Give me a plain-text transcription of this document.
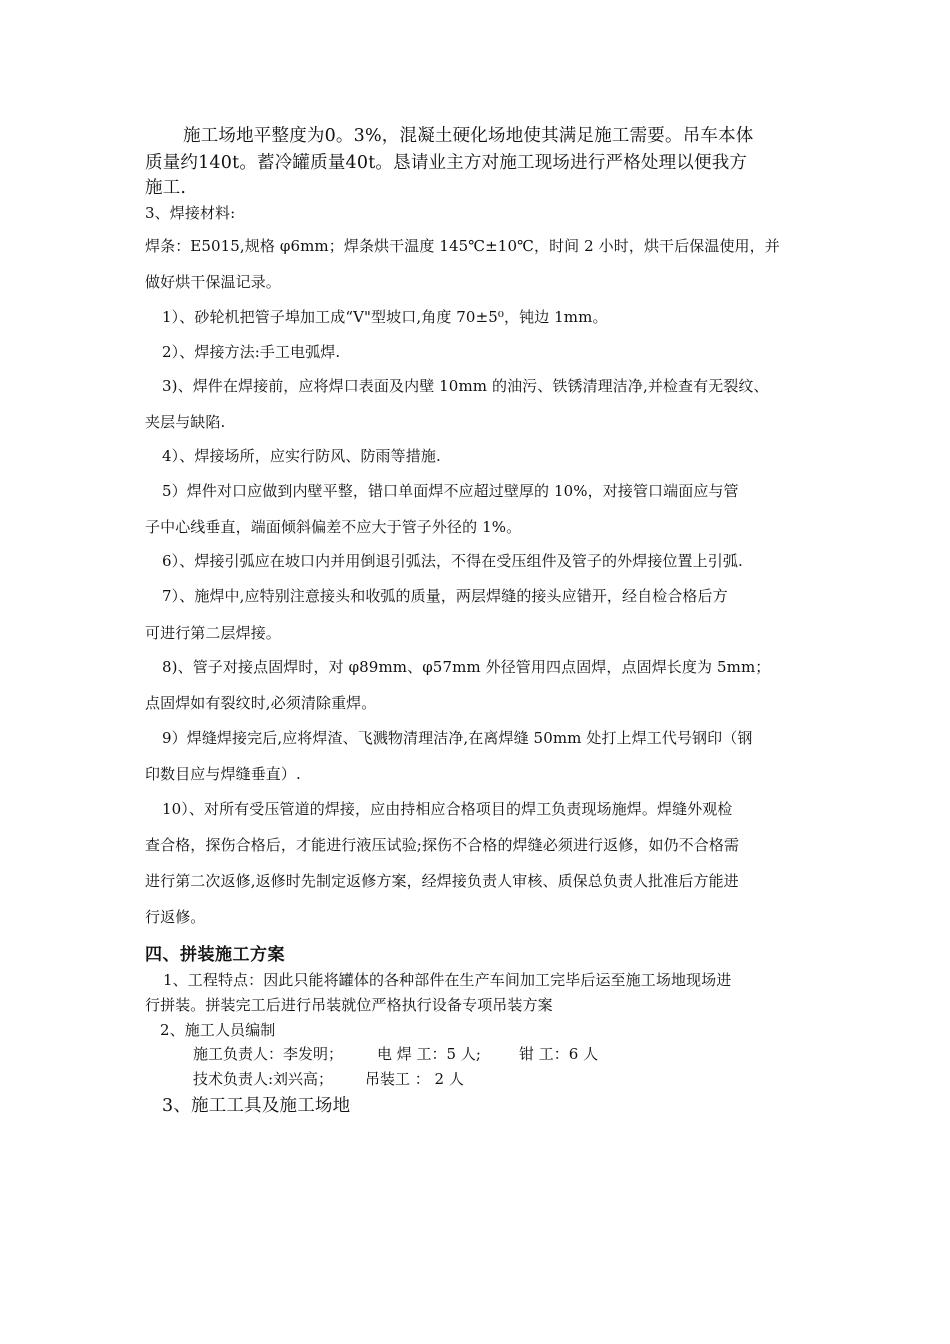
施工场地平整度为0。3%，混凝土硬化场地使其满足施工需要。吊车本体
质量约140t。蓄冷罐质量40t。恳请业主方对施工现场进行严格处理以便我方
施工.
3、焊接材料:
焊条：E5015,规格 φ6mm；焊条烘干温度 145℃±10℃，时间 2 小时，烘干后保温使用，并
做好烘干保温记录。
1）、砂轮机把管子埠加工成“V"型坡口,角度 70±5⁰，钝边 1mm。
2）、焊接方法:手工电弧焊.
3)、焊件在焊接前，应将焊口表面及内壁 10mm 的油污、铁锈清理洁净,并检查有无裂纹、
夹层与缺陷.
4）、焊接场所，应实行防风、防雨等措施.
5）焊件对口应做到内壁平整，错口单面焊不应超过壁厚的 10%，对接管口端面应与管
子中心线垂直，端面倾斜偏差不应大于管子外径的 1%。
6）、焊接引弧应在坡口内并用倒退引弧法，不得在受压组件及管子的外焊接位置上引弧.
7）、施焊中,应特别注意接头和收弧的质量，两层焊缝的接头应错开，经自检合格后方
可进行第二层焊接。
8)、管子对接点固焊时，对 φ89mm、φ57mm 外径管用四点固焊，点固焊长度为 5mm；
点固焊如有裂纹时,必须清除重焊。
9）焊缝焊接完后,应将焊渣、飞溅物清理洁净,在离焊缝 50mm 处打上焊工代号钢印（钢
印数目应与焊缝垂直）.
10）、对所有受压管道的焊接，应由持相应合格项目的焊工负责现场施焊。焊缝外观检
查合格，探伤合格后，才能进行液压试验;探伤不合格的焊缝必须进行返修，如仍不合格需
进行第二次返修,返修时先制定返修方案，经焊接负责人审核、质保总负责人批准后方能进
行返修。
四、拼装施工方案
1、工程特点：因此只能将罐体的各种部件在生产车间加工完毕后运至施工场地现场进
行拼装。拼装完工后进行吊装就位严格执行设备专项吊装方案
2、施工人员编制
施工负责人：李发明； 电 焊 工：5 人;	钳 工：6 人
技术负责人:刘兴高； 吊装工 ： 2 人
3、施工工具及施工场地
